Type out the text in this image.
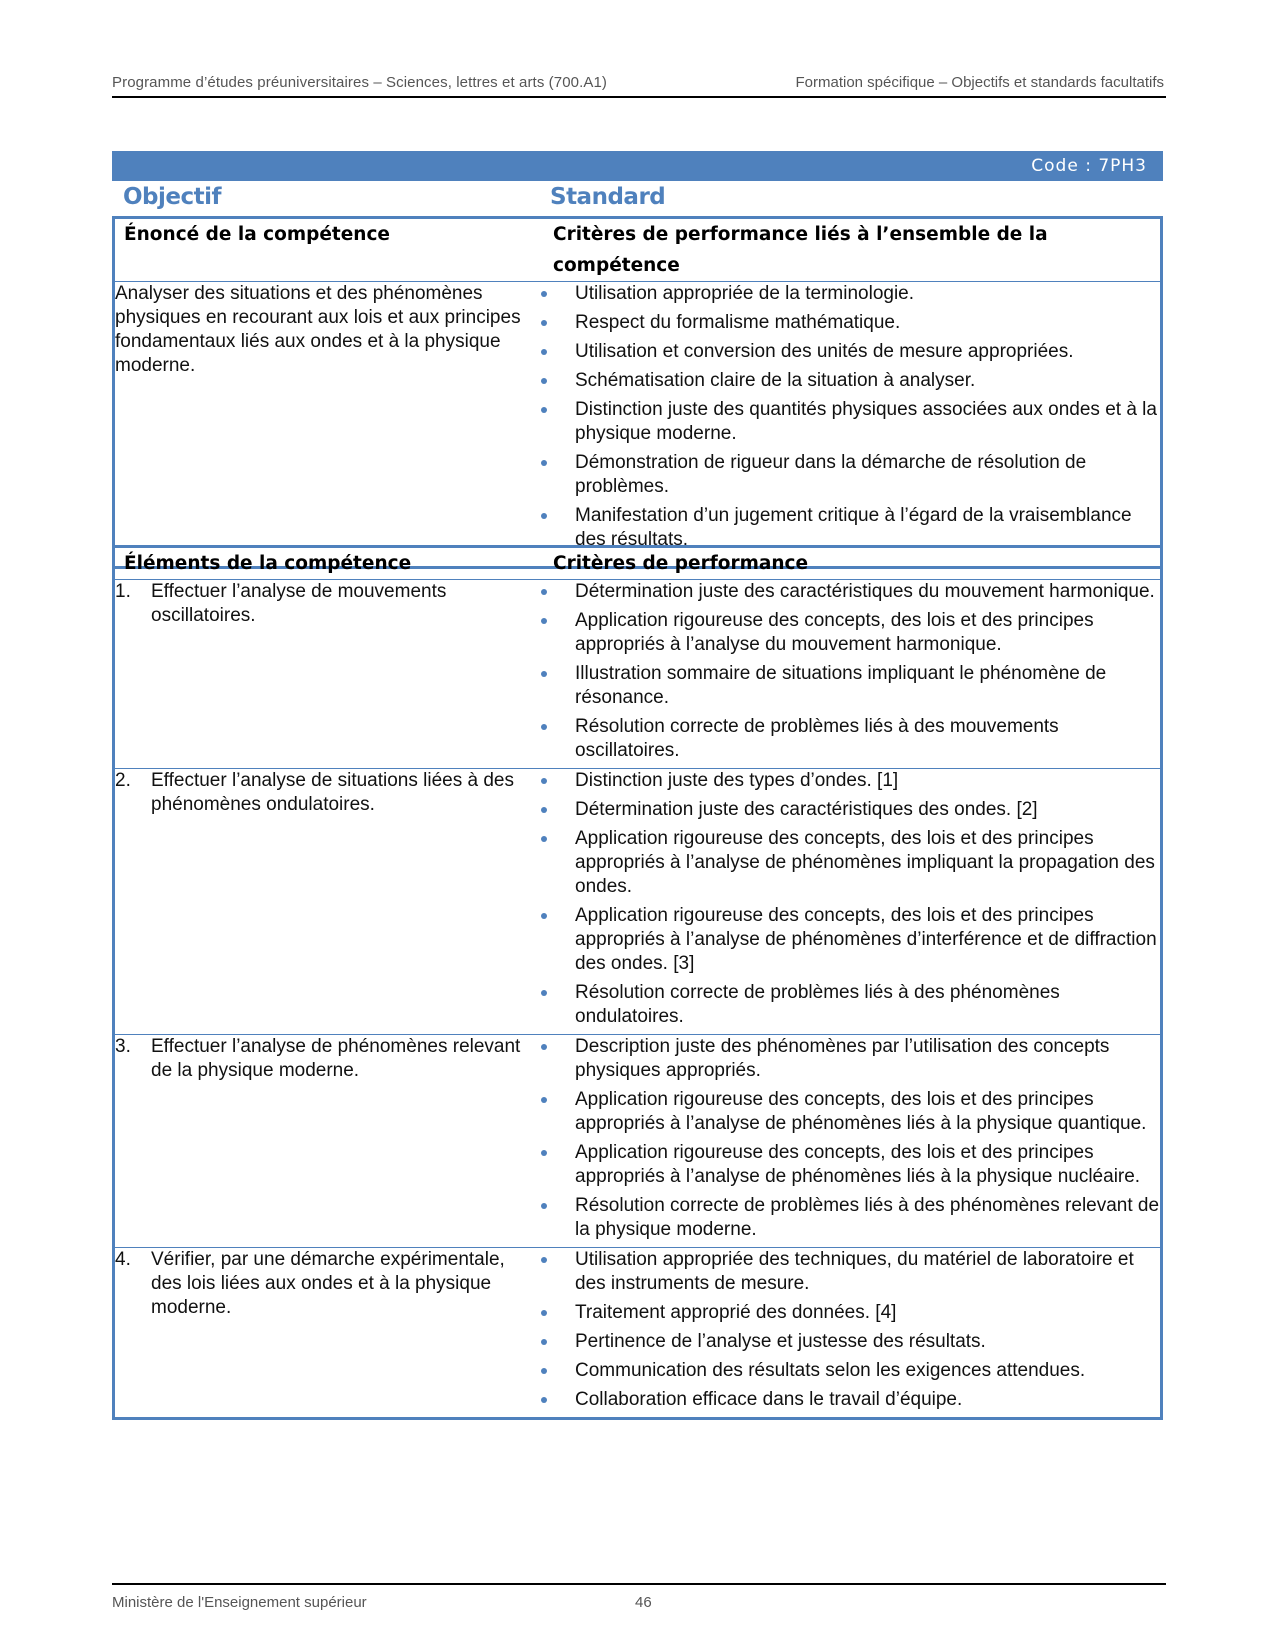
Programme d’études préuniversitaires – Sciences, lettres et arts (700.A1)	Formation spécifique – Objectifs et standards facultatifs
Code : 7PH3
Objectif	Standard
Énoncé de la compétence	Critères de performance liés à l’ensemble de la compétence
Analyser des situations et des phénomènes physiques en recourant aux lois et aux principes fondamentaux liés aux ondes et à la physique moderne.	
Utilisation appropriée de la terminologie.
Respect du formalisme mathématique.
Utilisation et conversion des unités de mesure appropriées.
Schématisation claire de la situation à analyser.
Distinction juste des quantités physiques associées aux ondes et à la physique moderne.
Démonstration de rigueur dans la démarche de résolution de problèmes.
Manifestation d’un jugement critique à l’égard de la vraisemblance des résultats.
Éléments de la compétence	Critères de performance
1. Effectuer l’analyse de mouvements oscillatoires.	
Détermination juste des caractéristiques du mouvement harmonique.
Application rigoureuse des concepts, des lois et des principes appropriés à l’analyse du mouvement harmonique.
Illustration sommaire de situations impliquant le phénomène de résonance.
Résolution correcte de problèmes liés à des mouvements oscillatoires.

2. Effectuer l’analyse de situations liées à des phénomènes ondulatoires.	
Distinction juste des types d’ondes. [1]
Détermination juste des caractéristiques des ondes. [2]
Application rigoureuse des concepts, des lois et des principes appropriés à l’analyse de phénomènes impliquant la propagation des ondes.
Application rigoureuse des concepts, des lois et des principes appropriés à l’analyse de phénomènes d’interférence et de diffraction des ondes. [3]
Résolution correcte de problèmes liés à des phénomènes ondulatoires.

3. Effectuer l’analyse de phénomènes relevant de la physique moderne.	
Description juste des phénomènes par l’utilisation des concepts physiques appropriés.
Application rigoureuse des concepts, des lois et des principes appropriés à l’analyse de phénomènes liés à la physique quantique.
Application rigoureuse des concepts, des lois et des principes appropriés à l’analyse de phénomènes liés à la physique nucléaire.
Résolution correcte de problèmes liés à des phénomènes relevant de la physique moderne.

4. Vérifier, par une démarche expérimentale, des lois liées aux ondes et à la physique moderne.	
Utilisation appropriée des techniques, du matériel de laboratoire et des instruments de mesure.
Traitement approprié des données. [4]
Pertinence de l’analyse et justesse des résultats.
Communication des résultats selon les exigences attendues.
Collaboration efficace dans le travail d’équipe.
Ministère de l'Enseignement supérieur	46
